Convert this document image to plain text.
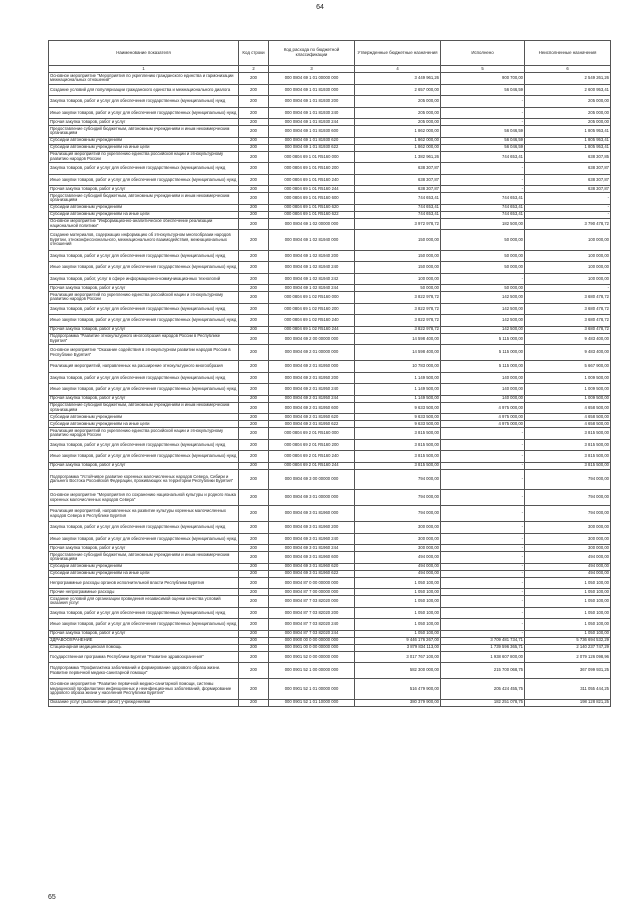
64
Наименование показателя	Код строки	Код расхода по бюджетной классификации	Утвержденные бюджетные назначения	Исполнено	Неисполненные назначения
1	2	3	4	5	6
Основное мероприятие "Мероприятия по укреплению гражданского единства и гармонизации межнациональных отношений"	200	000 0804 69 1 01 00000 000	3 449 961,26	900 700,00	2 549 261,26
Создание условий для популяризации гражданского единства и межнационального диалога	200	000 0804 69 1 01 81930 000	2 657 000,00	56 046,59	2 600 953,41
Закупка товаров, работ и услуг для обеспечения государственных (муниципальных) нужд	200	000 0804 69 1 01 81930 200	205 000,00	-	205 000,00
Иные закупки товаров, работ и услуг для обеспечения государственных (муниципальных) нужд	200	000 0804 69 1 01 81930 240	205 000,00	-	205 000,00
Прочая закупка товаров, работ и услуг	200	000 0804 69 1 01 81930 244	205 000,00	-	205 000,00
Предоставление субсидий бюджетным, автономным учреждениям и иным некоммерческим организациям	200	000 0804 69 1 01 81930 600	1 862 000,00	56 046,59	1 805 953,41
Субсидии автономным учреждениям	200	000 0804 69 1 01 81930 620	1 862 000,00	56 046,59	1 805 953,41
Субсидии автономным учреждениям на иные цели	200	000 0804 69 1 01 81930 622	1 862 000,00	56 046,59	1 805 953,41
Реализация мероприятий по укреплению единства российской нации и этнокультурному развитию народов России	200	000 0804 69 1 01 R5160 000	1 382 961,26	744 653,41	638 307,85
Закупка товаров, работ и услуг для обеспечения государственных (муниципальных) нужд	200	000 0804 69 1 01 R5160 200	638 307,87	-	638 307,87
Иные закупки товаров, работ и услуг для обеспечения государственных (муниципальных) нужд	200	000 0804 69 1 01 R5160 240	638 307,87	-	638 307,87
Прочая закупка товаров, работ и услуг	200	000 0804 69 1 01 R5160 244	638 307,87	-	638 307,87
Предоставление субсидий бюджетным, автономным учреждениям и иным некоммерческим организациям	200	000 0804 69 1 01 R5160 600	744 653,41	744 653,41	-
Субсидии автономным учреждениям	200	000 0804 69 1 01 R5160 620	744 653,41	744 653,41	-
Субсидии автономным учреждениям на иные цели	200	000 0804 69 1 01 R5160 622	744 653,41	744 653,41	-
Основное мероприятие "Информационно-аналитическое обеспечение реализации национальной политики"	200	000 0804 69 1 02 00000 000	3 972 978,72	182 500,00	3 790 478,72
Создание материалов, содержащих информацию об этнокультурном многообразии народов Бурятии, этноконфессионального, межнационального взаимодействия, межнациональных отношений	200	000 0804 69 1 02 81940 000	150 000,00	50 000,00	100 000,00
Закупка товаров, работ и услуг для обеспечения государственных (муниципальных) нужд	200	000 0804 69 1 02 81940 200	150 000,00	50 000,00	100 000,00
Иные закупки товаров, работ и услуг для обеспечения государственных (муниципальных) нужд	200	000 0804 69 1 02 81940 240	150 000,00	50 000,00	100 000,00
Закупка товаров, работ, услуг в сфере информационно-коммуникационных технологий	200	000 0804 69 1 02 81940 242	100 000,00	-	100 000,00
Прочая закупка товаров, работ и услуг	200	000 0804 69 1 02 81940 244	50 000,00	50 000,00	-
Реализация мероприятий по укреплению единства российской нации и этнокультурному развитию народов России	200	000 0804 69 1 02 R5160 000	3 822 978,72	142 500,00	3 680 478,72
Закупка товаров, работ и услуг для обеспечения государственных (муниципальных) нужд	200	000 0804 69 1 02 R5160 200	3 822 978,72	142 500,00	3 680 478,72
Иные закупки товаров, работ и услуг для обеспечения государственных (муниципальных) нужд	200	000 0804 69 1 02 R5160 240	3 822 978,72	142 500,00	3 680 478,72
Прочая закупка товаров, работ и услуг	200	000 0804 69 1 02 R5160 244	3 822 978,72	142 500,00	3 680 478,72
Подпрограмма "Развитие этнокультурного многообразия народов России в Республике Бурятия"	200	000 0804 69 2 00 00000 000	14 598 400,00	5 115 000,00	9 483 400,00
Основное мероприятие "Оказание содействия в этнокультурном развитии народов России в Республике Бурятия"	200	000 0804 69 2 01 00000 000	14 598 400,00	5 115 000,00	9 483 400,00
Реализация мероприятий, направленных на расширение этнокультурного многообразия	200	000 0804 69 2 01 81950 000	10 783 000,00	5 115 000,00	5 667 900,00
Закупка товаров, работ и услуг для обеспечения государственных (муниципальных) нужд	200	000 0804 69 2 01 81950 200	1 149 500,00	140 000,00	1 009 500,00
Иные закупки товаров, работ и услуг для обеспечения государственных (муниципальных) нужд	200	000 0804 69 2 01 81950 240	1 149 500,00	140 000,00	1 009 500,00
Прочая закупка товаров, работ и услуг	200	000 0804 69 2 01 81950 244	1 149 500,00	140 000,00	1 009 500,00
Предоставление субсидий бюджетным, автономным учреждениям и иным некоммерческим организациям	200	000 0804 69 2 01 81950 600	9 633 500,00	4 975 000,00	4 658 500,00
Субсидии автономным учреждениям	200	000 0804 69 2 01 81950 620	9 633 500,00	4 975 000,00	4 658 500,00
Субсидии автономным учреждениям на иные цели	200	000 0804 69 2 01 81950 622	9 633 500,00	4 975 000,00	4 658 500,00
Реализация мероприятий по укреплению единства российской нации и этнокультурному развитию народов России	200	000 0804 69 2 01 R5160 000	3 815 500,00	-	3 815 500,00
Закупка товаров, работ и услуг для обеспечения государственных (муниципальных) нужд	200	000 0804 69 2 01 R5160 200	3 815 500,00	-	3 815 500,00
Иные закупки товаров, работ и услуг для обеспечения государственных (муниципальных) нужд	200	000 0804 69 2 01 R5160 240	3 815 500,00	-	3 815 500,00
Прочая закупка товаров, работ и услуг	200	000 0804 69 2 01 R5160 244	3 815 500,00	-	3 815 500,00
Подпрограмма "Устойчивое развитие коренных малочисленных народов Севера, Сибири и Дальнего Востока Российской Федерации, проживающих на территории Республики Бурятия"	200	000 0804 69 3 00 00000 000	794 000,00	-	794 000,00
Основное мероприятие "Мероприятия по сохранению национальной культуры и родного языка коренных малочисленных народов Севера"	200	000 0804 69 3 01 00000 000	794 000,00	-	794 000,00
Реализация мероприятий, направленных на развитие культуры коренных малочисленных народов Севера в Республике Бурятия	200	000 0804 69 3 01 81960 000	794 000,00	-	794 000,00
Закупка товаров, работ и услуг для обеспечения государственных (муниципальных) нужд	200	000 0804 69 3 01 81960 200	300 000,00	-	300 000,00
Иные закупки товаров, работ и услуг для обеспечения государственных (муниципальных) нужд	200	000 0804 69 3 01 81960 240	300 000,00	-	300 000,00
Прочая закупка товаров, работ и услуг	200	000 0804 69 3 01 81960 244	300 000,00	-	300 000,00
Предоставление субсидий бюджетным, автономным учреждениям и иным некоммерческим организациям	200	000 0804 69 3 01 81960 600	494 000,00	-	494 000,00
Субсидии автономным учреждениям	200	000 0804 69 3 01 81960 620	494 000,00	-	494 000,00
Субсидии автономным учреждениям на иные цели	200	000 0804 69 3 01 81960 622	494 000,00	-	494 000,00
Непрограммные расходы органов исполнительной власти Республики Бурятия	200	000 0804 87 0 00 00000 000	1 050 100,00	-	1 050 100,00
Прочие непрограммные расходы	200	000 0804 87 7 00 00000 000	1 050 100,00	-	1 050 100,00
Создание условий для организации проведения независимой оценки качества условий оказания услуг	200	000 0804 87 7 03 82020 000	1 050 100,00	-	1 050 100,00
Закупка товаров, работ и услуг для обеспечения государственных (муниципальных) нужд	200	000 0804 87 7 03 82020 200	1 050 100,00	-	1 050 100,00
Иные закупки товаров, работ и услуг для обеспечения государственных (муниципальных) нужд	200	000 0804 87 7 03 82020 240	1 050 100,00	-	1 050 100,00
Прочая закупка товаров, работ и услуг	200	000 0804 87 7 03 82020 244	1 050 100,00	-	1 050 100,00
ЗДРАВООХРАНЕНИЕ	200	000 0900 00 0 00 00000 000	9 446 176 267,00	3 709 481 734,71	5 736 694 532,29
Стационарная медицинская помощь	200	000 0901 00 0 00 00000 000	3 879 834 113,00	1 739 596 365,71	2 140 237 747,29
Государственная программа Республики Бурятия "Развитие здравоохранения"	200	000 0901 52 0 00 00000 000	3 017 767 100,00	1 938 607 800,00	2 079 126 098,96
Подпрограмма "Профилактика заболеваний и формирование здорового образа жизни. Развитие первичной медико-санитарной помощи"	200	000 0901 52 1 00 00000 000	582 300 000,00	215 700 068,75	367 099 931,25
Основное мероприятие "Развитие первичной медико-санитарной помощи, системы медицинской профилактики инфекционных и неинфекционных заболеваний, формирование здорового образа жизни у населения Республики Бурятия"	200	000 0901 52 1 01 00000 000	516 479 900,00	205 424 455,75	311 055 444,25
Оказание услуг (выполнение работ) учреждениями	200	000 0901 52 1 01 10000 000	380 379 900,00	182 251 078,75	198 128 821,25
65
